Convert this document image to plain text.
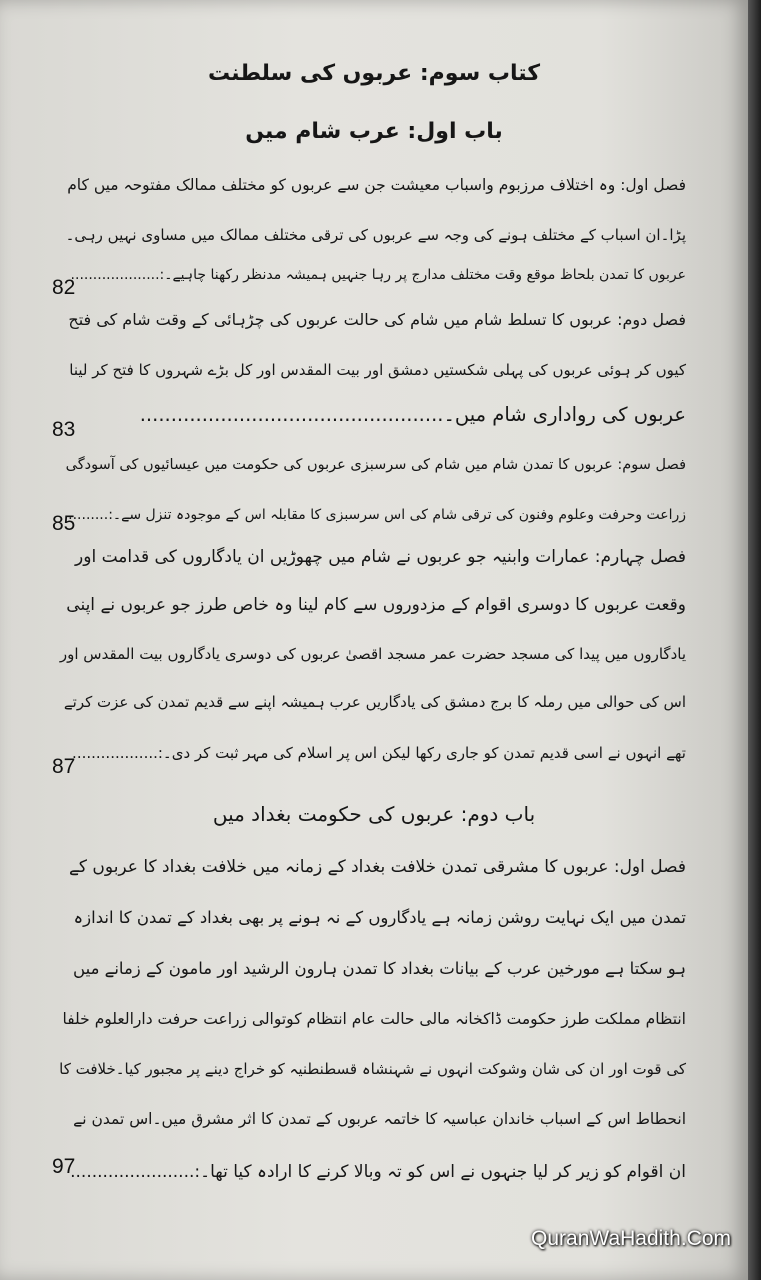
کتاب سوم: عربوں کی سلطنت
باب اول: عرب شام میں
فصل اول: وہ اختلاف مرزبوم واسباب معیشت جن سے عربوں کو مختلف ممالک مفتوحہ میں کام
پڑا۔ان اسباب کے مختلف ہونے کی وجہ سے عربوں کی ترقی مختلف ممالک میں مساوی نہیں رہی۔
عربوں کا تمدن بلحاظ موقع وقت مختلف مدارج پر رہا جنہیں ہمیشہ مدنظر رکھنا چاہیے۔:....................
فصل دوم: عربوں کا تسلط شام میں شام کی حالت عربوں کی چڑہائی کے وقت شام کی فتح
کیوں کر ہوئی عربوں کی پہلی شکستیں دمشق اور بیت المقدس اور کل بڑے شہروں کا فتح کر لینا
عربوں کی رواداری شام میں۔.................................................
فصل سوم: عربوں کا تمدن شام میں شام کی سرسبزی عربوں کی حکومت میں عیسائیوں کی آسودگی
زراعت وحرفت وعلوم وفنون کی ترقی شام کی اس سرسبزی کا مقابلہ اس کے موجودہ تنزل سے۔:.........
فصل چہارم: عمارات وابنیہ جو عربوں نے شام میں چھوڑیں ان یادگاروں کی قدامت اور
وقعت عربوں کا دوسری اقوام کے مزدوروں سے کام لینا وہ خاص طرز جو عربوں نے اپنی
یادگاروں میں پیدا کی مسجد حضرت عمر مسجد اقصیٰ عربوں کی دوسری یادگاروں بیت المقدس اور
اس کی حوالی میں رملہ کا برج دمشق کی یادگاریں عرب ہمیشہ اپنے سے قدیم تمدن کی عزت کرتے
تھے انہوں نے اسی قدیم تمدن کو جاری رکھا لیکن اس پر اسلام کی مہر ثبت کر دی۔:..................
باب دوم: عربوں کی حکومت بغداد میں
فصل اول: عربوں کا مشرقی تمدن خلافت بغداد کے زمانہ میں خلافت بغداد کا عربوں کے
تمدن میں ایک نہایت روشن زمانہ ہے یادگاروں کے نہ ہونے پر بھی بغداد کے تمدن کا اندازہ
ہو سکتا ہے مورخین عرب کے بیانات بغداد کا تمدن ہارون الرشید اور مامون کے زمانے میں
انتظام مملکت طرز حکومت ڈاکخانہ مالی حالت عام انتظام کوتوالی زراعت حرفت دارالعلوم خلفا
کی قوت اور ان کی شان وشوکت انہوں نے شہنشاہ قسطنطنیہ کو خراج دینے پر مجبور کیا۔خلافت کا
انحطاط اس کے اسباب خاندان عباسیہ کا خاتمہ عربوں کے تمدن کا اثر مشرق میں۔اس تمدن نے
ان اقوام کو زیر کر لیا جنہوں نے اس کو تہ وبالا کرنے کا ارادہ کیا تھا۔:.......................
82
83
85
87
97
QuranWaHadith.Com
